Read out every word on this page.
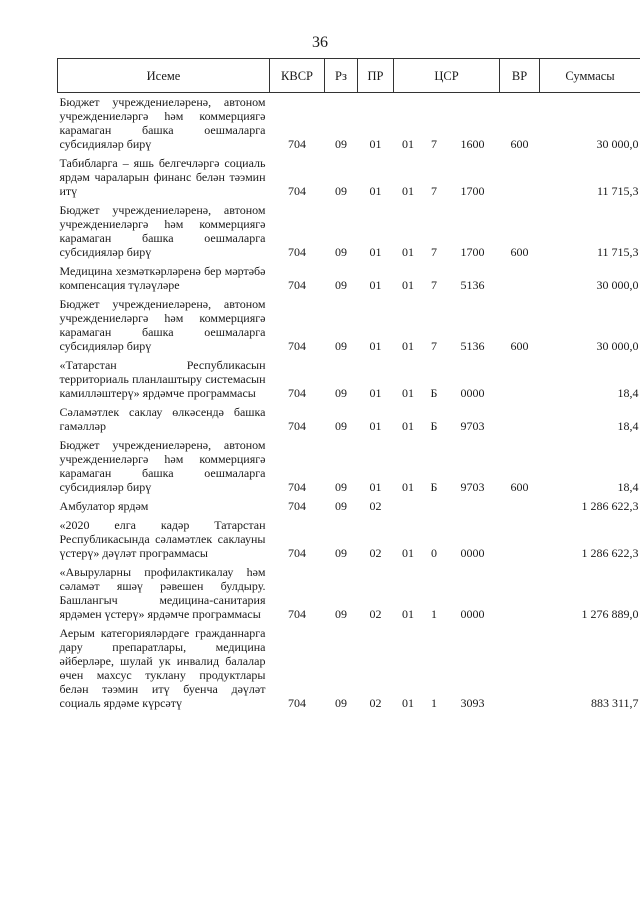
36
Исеме	КВСР	Рз	ПР	ЦСР			ВР	Суммасы
Бюджет учреждениеләренә, автоном учреждениеләргә һәм коммерциягә карамаган башка оешмаларга субсидияләр бирү	704	09	01	01	7	1600	600	30 000,0
Табибларга – яшь белгечләргә социаль ярдәм чараларын финанс белән тәэмин итү	704	09	01	01	7	1700		11 715,3
Бюджет учреждениеләренә, автоном учреждениеләргә һәм коммерциягә карамаган башка оешмаларга субсидияләр бирү	704	09	01	01	7	1700	600	11 715,3
Медицина хезмәткәрләренә бер мәртәбә компенсация түләүләре	704	09	01	01	7	5136		30 000,0
Бюджет учреждениеләренә, автоном учреждениеләргә һәм коммерциягә карамаган башка оешмаларга субсидияләр бирү	704	09	01	01	7	5136	600	30 000,0
«Татарстан Республикасын территориаль планлаштыру системасын камилләштерү» ярдәмче программасы	704	09	01	01	Б	0000		18,4
Сәламәтлек саклау өлкәсендә башка гамәлләр	704	09	01	01	Б	9703		18,4
Бюджет учреждениеләренә, автоном учреждениеләргә һәм коммерциягә карамаган башка оешмаларга субсидияләр бирү	704	09	01	01	Б	9703	600	18,4
Амбулатор ярдәм	704	09	02					1 286 622,3
«2020 елга кадәр Татарстан Республикасында сәламәтлек саклауны үстерү» дәүләт программасы	704	09	02	01	0	0000		1 286 622,3
«Авыруларны профилактикалау һәм сәламәт яшәү рәвешен булдыру. Башлангыч медицина-санитария ярдәмен үстерү» ярдәмче программасы	704	09	02	01	1	0000		1 276 889,0
Аерым категорияләрдәге гражданнарга дару препаратлары, медицина әйберләре, шулай ук инвалид балалар өчен махсус туклану продуктлары белән тәэмин итү буенча дәүләт социаль ярдәме күрсәтү	704	09	02	01	1	3093		883 311,7
